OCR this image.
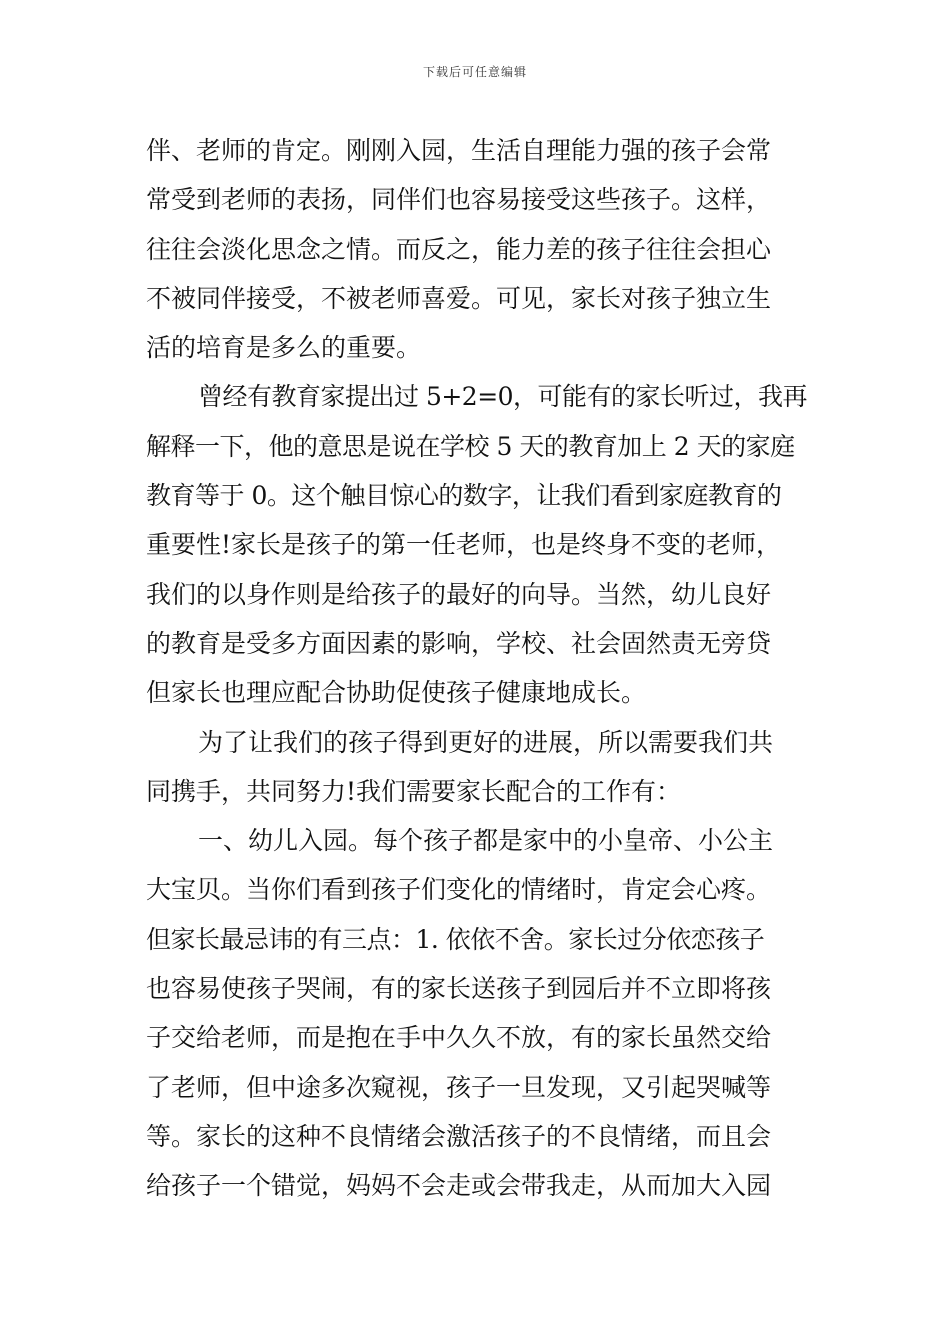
下载后可任意编辑
伴、老师的肯定。刚刚入园，生活自理能力强的孩子会常
常受到老师的表扬，同伴们也容易接受这些孩子。这样，
往往会淡化思念之情。而反之，能力差的孩子往往会担心
不被同伴接受，不被老师喜爱。可见，家长对孩子独立生
活的培育是多么的重要。
曾经有教育家提出过 5+2=0，可能有的家长听过，我再
解释一下，他的意思是说在学校 5 天的教育加上 2 天的家庭
教育等于 0。这个触目惊心的数字，让我们看到家庭教育的
重要性!家长是孩子的第一任老师，也是终身不变的老师，
我们的以身作则是给孩子的最好的向导。当然，幼儿良好
的教育是受多方面因素的影响，学校、社会固然责无旁贷
但家长也理应配合协助促使孩子健康地成长。
为了让我们的孩子得到更好的进展，所以需要我们共
同携手，共同努力!我们需要家长配合的工作有：
一、幼儿入园。每个孩子都是家中的小皇帝、小公主
大宝贝。当你们看到孩子们变化的情绪时，肯定会心疼。
但家长最忌讳的有三点：1. 依依不舍。家长过分依恋孩子
也容易使孩子哭闹，有的家长送孩子到园后并不立即将孩
子交给老师，而是抱在手中久久不放，有的家长虽然交给
了老师，但中途多次窥视，孩子一旦发现，又引起哭喊等
等。家长的这种不良情绪会激活孩子的不良情绪，而且会
给孩子一个错觉，妈妈不会走或会带我走，从而加大入园
